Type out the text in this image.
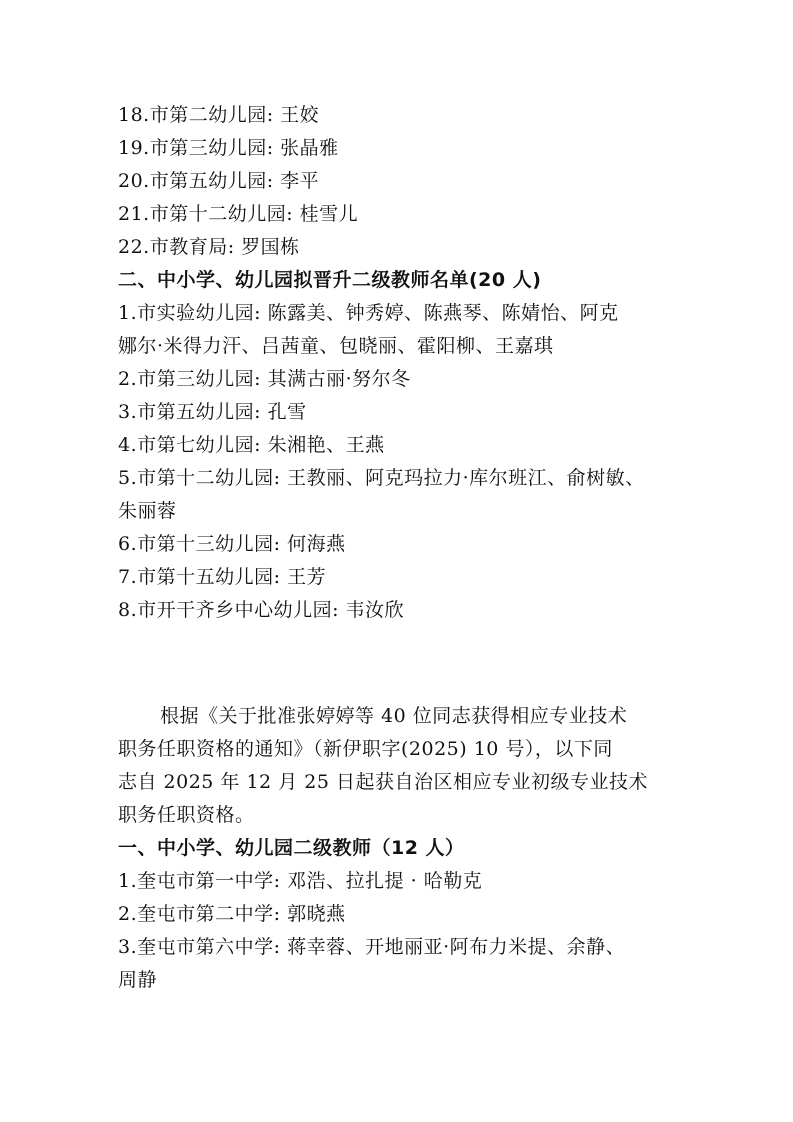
18.市第二幼儿园: 王姣
19.市第三幼儿园: 张晶雅
20.市第五幼儿园: 李平
21.市第十二幼儿园: 桂雪儿
22.市教育局: 罗国栋
二、中小学、幼儿园拟晋升二级教师名单(20 人)
1.市实验幼儿园: 陈露美、钟秀婷、陈燕琴、陈婧怡、阿克
娜尔·米得力汗、吕茜童、包晓丽、霍阳柳、王嘉琪
2.市第三幼儿园: 其满古丽·努尔冬
3.市第五幼儿园: 孔雪
4.市第七幼儿园: 朱湘艳、王燕
5.市第十二幼儿园: 王教丽、阿克玛拉力·库尔班江、俞树敏、
朱丽蓉
6.市第十三幼儿园: 何海燕
7.市第十五幼儿园: 王芳
8.市开干齐乡中心幼儿园: 韦汝欣
根据《关于批准张婷婷等 40 位同志获得相应专业技术
职务任职资格的通知》（新伊职字(2025) 10 号），以下同
志自 2025 年 12 月 25 日起获自治区相应专业初级专业技术
职务任职资格。
一、中小学、幼儿园二级教师（12 人）
1.奎屯市第一中学: 邓浩、拉扎提 · 哈勒克
2.奎屯市第二中学: 郭晓燕
3.奎屯市第六中学: 蒋幸蓉、开地丽亚·阿布力米提、余静、
周静
